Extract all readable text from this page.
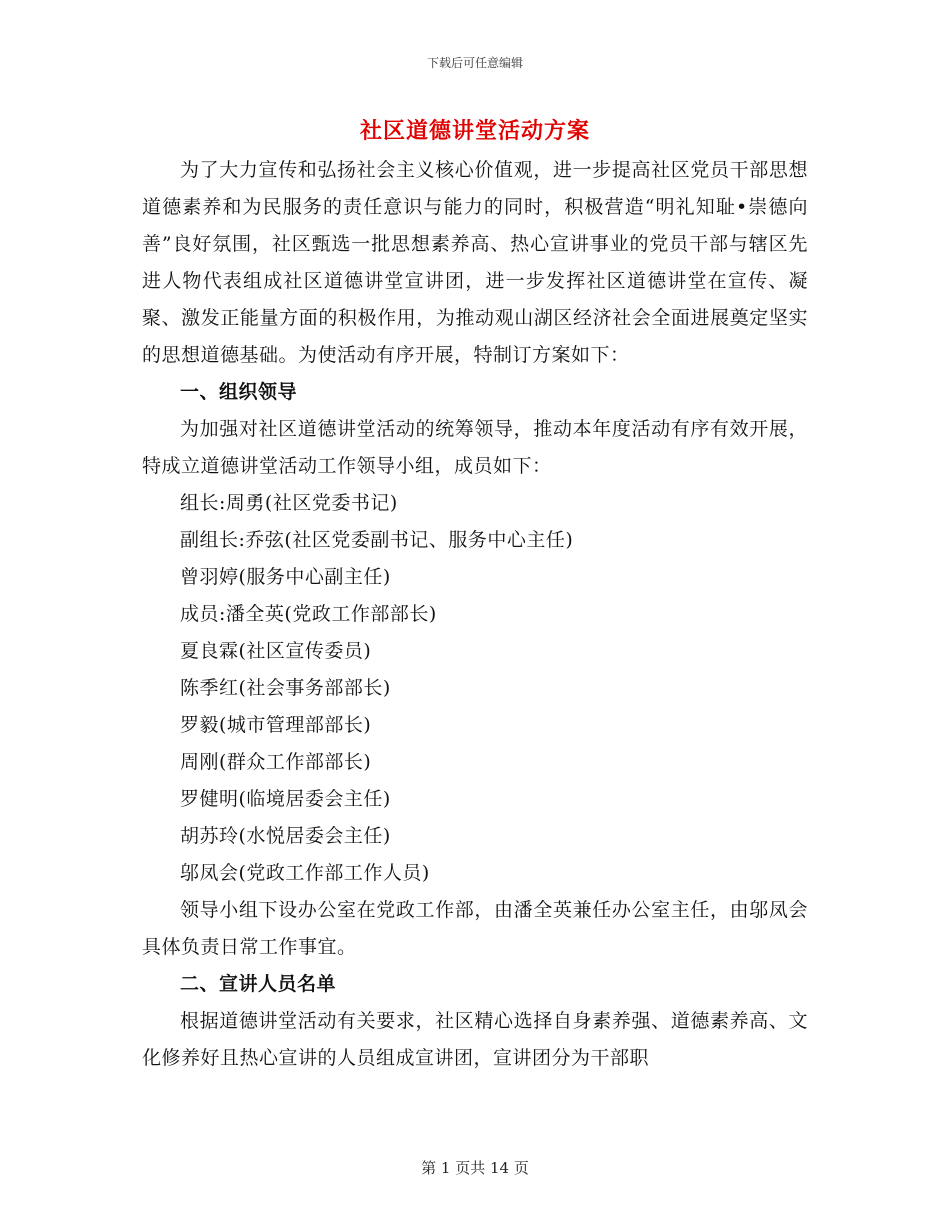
下载后可任意编辑
社区道德讲堂活动方案

为了大力宣传和弘扬社会主义核心价值观，进一步提高社区党员干部思想道德素养和为民服务的责任意识与能力的同时，积极营造“明礼知耻•崇德向善”良好氛围，社区甄选一批思想素养高、热心宣讲事业的党员干部与辖区先进人物代表组成社区道德讲堂宣讲团，进一步发挥社区道德讲堂在宣传、凝聚、激发正能量方面的积极作用，为推动观山湖区经济社会全面进展奠定坚实的思想道德基础。为使活动有序开展，特制订方案如下：

一、组织领导

为加强对社区道德讲堂活动的统筹领导，推动本年度活动有序有效开展，特成立道德讲堂活动工作领导小组，成员如下：

组长:周勇(社区党委书记)

副组长:乔弦(社区党委副书记、服务中心主任)

曾羽婷(服务中心副主任)

成员:潘全英(党政工作部部长)

夏良霖(社区宣传委员)

陈季红(社会事务部部长)

罗毅(城市管理部部长)

周刚(群众工作部部长)

罗健明(临境居委会主任)

胡苏玲(水悦居委会主任)

邬凤会(党政工作部工作人员)

领导小组下设办公室在党政工作部，由潘全英兼任办公室主任，由邬凤会具体负责日常工作事宜。

二、宣讲人员名单

根据道德讲堂活动有关要求，社区精心选择自身素养强、道德素养高、文化修养好且热心宣讲的人员组成宣讲团，宣讲团分为干部职

第 1 页共 14 页
